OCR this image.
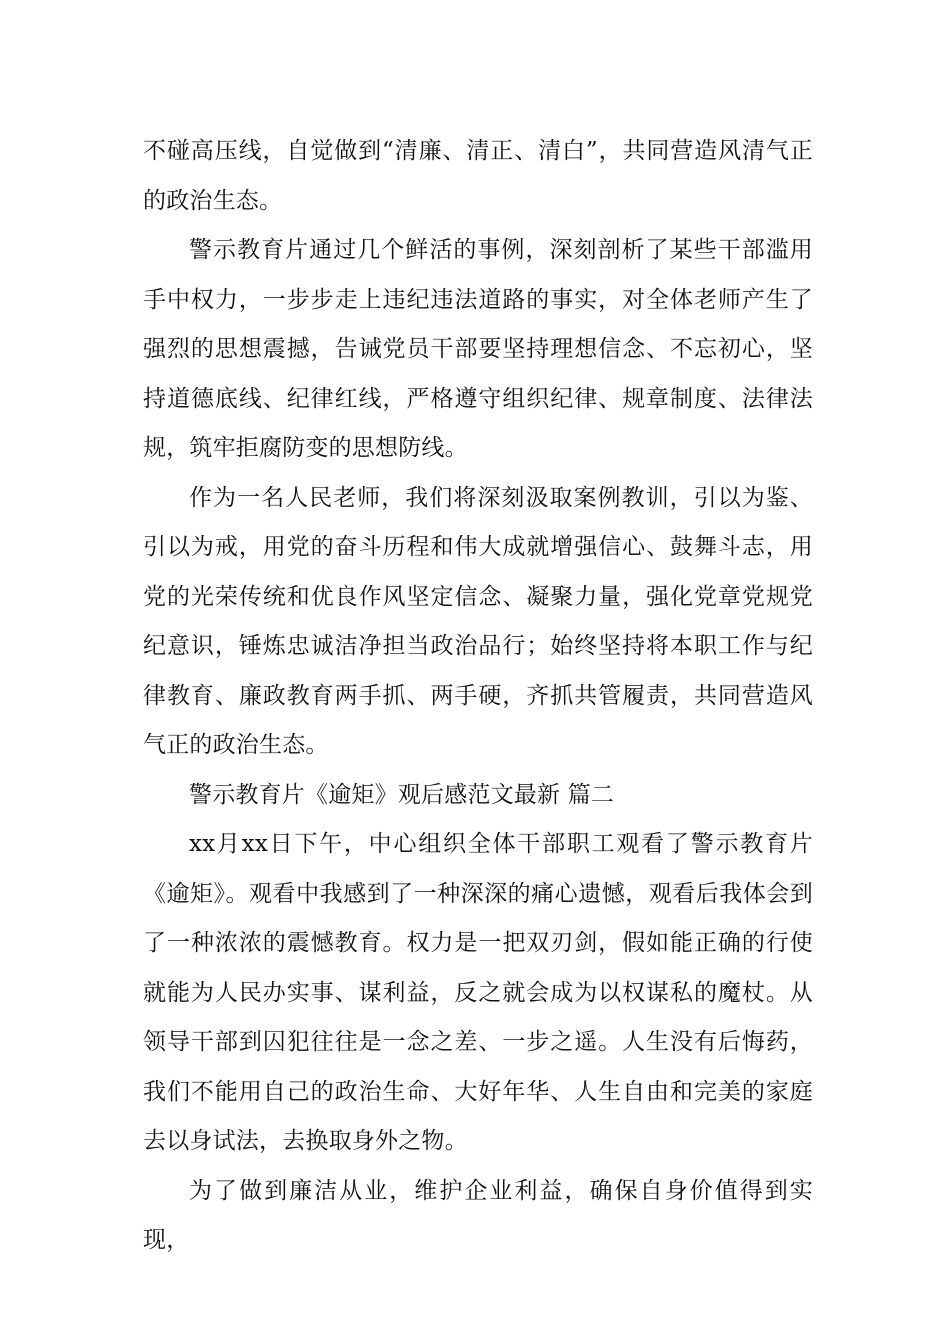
不碰高压线，自觉做到“清廉、清正、清白”，共同营造风清气正的政治生态。

警示教育片通过几个鲜活的事例，深刻剖析了某些干部滥用手中权力，一步步走上违纪违法道路的事实，对全体老师产生了强烈的思想震撼，告诫党员干部要坚持理想信念、不忘初心，坚持道德底线、纪律红线，严格遵守组织纪律、规章制度、法律法规，筑牢拒腐防变的思想防线。

作为一名人民老师，我们将深刻汲取案例教训，引以为鉴、引以为戒，用党的奋斗历程和伟大成就增强信心、鼓舞斗志，用党的光荣传统和优良作风坚定信念、凝聚力量，强化党章党规党纪意识，锤炼忠诚洁净担当政治品行；始终坚持将本职工作与纪律教育、廉政教育两手抓、两手硬，齐抓共管履责，共同营造风气正的政治生态。

警示教育片《逾矩》观后感范文最新 篇二

xx月xx日下午，中心组织全体干部职工观看了警示教育片《逾矩》。观看中我感到了一种深深的痛心遗憾，观看后我体会到了一种浓浓的震憾教育。权力是一把双刃剑，假如能正确的行使就能为人民办实事、谋利益，反之就会成为以权谋私的魔杖。从领导干部到囚犯往往是一念之差、一步之遥。人生没有后悔药，我们不能用自己的政治生命、大好年华、人生自由和完美的家庭去以身试法，去换取身外之物。

为了做到廉洁从业，维护企业利益，确保自身价值得到实现，
